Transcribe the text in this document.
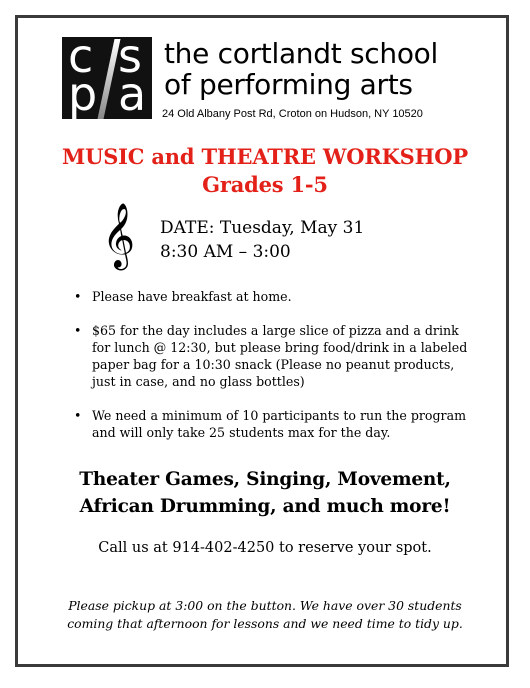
c s
p a
the cortlandt school
of performing arts
24 Old Albany Post Rd, Croton on Hudson, NY 10520
MUSIC and THEATRE WORKSHOP
Grades 1-5
𝄞 DATE: Tuesday, May 31
8:30 AM – 3:00
• Please have breakfast at home.
• $65 for the day includes a large slice of pizza and a drink for lunch @ 12:30, but please bring food/drink in a labeled paper bag for a 10:30 snack (Please no peanut products, just in case, and no glass bottles)
• We need a minimum of 10 participants to run the program and will only take 25 students max for the day.
Theater Games, Singing, Movement,
African Drumming, and much more!
Call us at 914-402-4250 to reserve your spot.
Please pickup at 3:00 on the button. We have over 30 students
coming that afternoon for lessons and we need time to tidy up.
